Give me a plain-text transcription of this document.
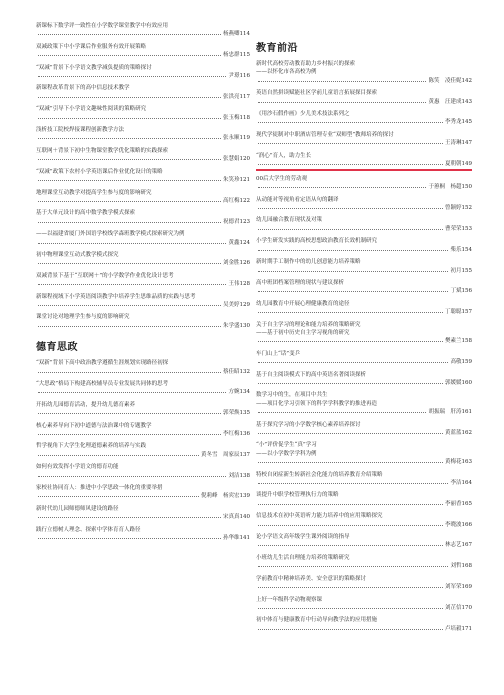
新课标下数学评一致性在小学数学课堂教学中有效应用
杨燕卿 114
双减政策下中小学课后作业服务有效开展策略
杨忠群 115
“双减”背景下小学语文教学减负提质的策略探讨
尹璟 116
新课程改革背景下的高中信息技术教学
张洪亮 117
“双减”引导下小学语文趣味性阅读的策略研究
张玉梅 118
浅析技工院校焊接课程创新教学方法
张永顺 119
互联网＋背景下初中生物课堂教学优化策略的实践探索
张慧娟 120
“双减”政策下农村小学英语课后作业优化设计的策略
朱笑珍 121
地理课堂互动教学对提高学生参与度的影响研究
高红梅 122
基于大单元设计的高中数学教学模式探索
祝德君 123
——以福建省厦门外国语学校线学森班教学模式探索研究为例
黄鑫 124
初中物理课堂互动式教学模式探究
刘金胜 126
双减背景下基于“互联网＋”的小学数学作业优化设计思考
王伟 128
新课程视域下小学英语阅读教学中培养学生思维品质的实践与思考
吴美婷 129
课堂讨论对地理学生参与度的影响研究
朱学盛 130
德育思政
“双新”背景下高中政治教学遵循生涯规划实现路径初探
蔡佳昭 132
“大思政”格局下构建高校辅导员专业发展共同体的思考
方婉 134
开拓幼儿园德育活动，提升幼儿德育素养
郭荣焕 135
核心素养导向下初中道德与法治课中的专题教学
李红梅 136
哲学视角下大学生化理道德素养的培养与实践
黄冬雪　周家辰 137
如何有效发挥小学语文的德育功能
刘洁 138
家校社协同育人：推进中小学思政一体化的重要举措
倪莉峰　杨宾宏 139
新时代幼儿园师德师风建设的路径
宋真真 140
践行立德树人理念、探索中学体育育人路径
孙华维 141
教育前沿
新时代高校劳动教育助力乡村振兴的探索
——以怀化市各高校为例
陈笑　凌佳妮 142
英语自然拼读赋能社区学前儿童语言拓展探目探索
黄惠　汪建成 143
《用沙石假作画》少儿美术技法系列之
李秀龙 145
现代学徒制对中职酒店管理专业“双师型”教师培养的探讨
王涛琳 147
“润心”育人，助力生长
夏朝朝 149
00后大学生的劳动观
于蕙桐　杨超 150
从动能对等视角看定语从句的翻译
曾颖婷 152
幼儿园融合教育现状及对策
曹荣荣 153
小学生研发实践的高校思想政治教育长效机制研究
柴乐 154
新时期手工制作中的幼儿创意能力培养策略
初月 155
高中班团档案管理的现状与建议探析
丁斌 156
幼儿园教育中开展心理健康教育的途径
丁聪聪 157
关于自主学习的理论和能力培养的策略研究
——基于初中历史自主学习视角的研究
樊素兰 158
车门山上“话”变乒
高敬 159
基于自主阅读模式下的高中英语名著阅读探析
郭媛媛 160
数学习中的生，在项目中共生
——项目化学习引领下的科学学科教学的推进再造
胡振瑞　肝涛 161
基于探究学习的小学数学核心素养培养探讨
黄蓝蓝 162
“小”评价促学生“真”学习
——以小学数学学科为例
黄梅花 163
特校自闭症新生转新社会化能力的培养教育介绍策略
李洁 164
谈提升中职学校管理执行力的策略
李丽香 165
信息技术在初中英语听力能力培养中的应用策略探究
李晓波 166
论小学语文高年级学生课外阅读的指导
林志艺 167
小班幼儿生活自理能力培养的策略研究
刘哲 168
学前教育中精神培养美、安全意识的策略探讨
刘军荣 169
上好一年级科学动物观察课
刘芷信 170
初中体育与健康教育中行动导向教学法的应用措施
卢培毅 171
